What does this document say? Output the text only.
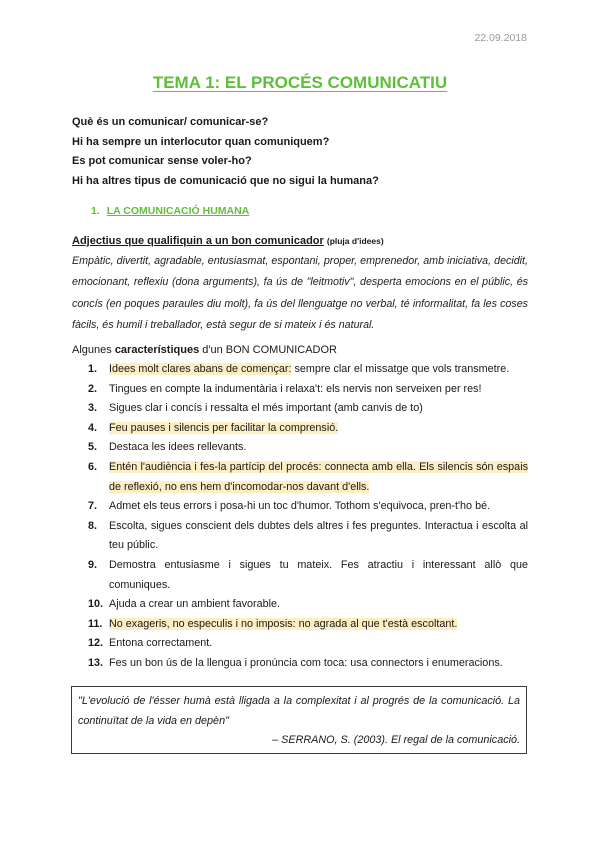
22.09.2018
TEMA 1: EL PROCÉS COMUNICATIU
Què és un comunicar/ comunicar-se?
Hi ha sempre un interlocutor quan comuniquem?
Es pot comunicar sense voler-ho?
Hi ha altres tipus de comunicació que no sigui la humana?
1. LA COMUNICACIÓ HUMANA
Adjectius que qualifiquin a un bon comunicador (pluja d'idees)
Empàtic, divertit, agradable, entusiasmat, espontani, proper, emprenedor, amb iniciativa, decidit, emocionant, reflexiu (dona arguments), fa ús de "leitmotiv", desperta emocions en el públic, és concís (en poques paraules diu molt), fa ús del llenguatge no verbal, té informalitat, fa les coses fàcils, és humil i treballador, està segur de si mateix i és natural.
Algunes característiques d'un BON COMUNICADOR
1. Idees molt clares abans de començar: sempre clar el missatge que vols transmetre.
2. Tingues en compte la indumentària i relaxa't: els nervis non serveixen per res!
3. Sigues clar i concís i ressalta el més important (amb canvis de to)
4. Feu pauses i silencis per facilitar la comprensió.
5. Destaca les idees rellevants.
6. Entén l'audiència i fes-la partícip del procés: connecta amb ella. Els silencis són espais de reflexió, no ens hem d'incomodar-nos davant d'ells.
7. Admet els teus errors i posa-hi un toc d'humor. Tothom s'equivoca, pren-t'ho bé.
8. Escolta, sigues conscient dels dubtes dels altres i fes preguntes. Interactua i escolta al teu públic.
9. Demostra entusiasme i sigues tu mateix. Fes atractiu i interessant allò que comuniques.
10. Ajuda a crear un ambient favorable.
11. No exageris, no especulis i no imposis: no agrada al que t'està escoltant.
12. Entona correctament.
13. Fes un bon ús de la llengua i pronúncia com toca: usa connectors i enumeracions.
"L'evolució de l'ésser humà està lligada a la complexitat i al progrés de la comunicació. La continuïtat de la vida en depèn"
– SERRANO, S. (2003). El regal de la comunicació.
